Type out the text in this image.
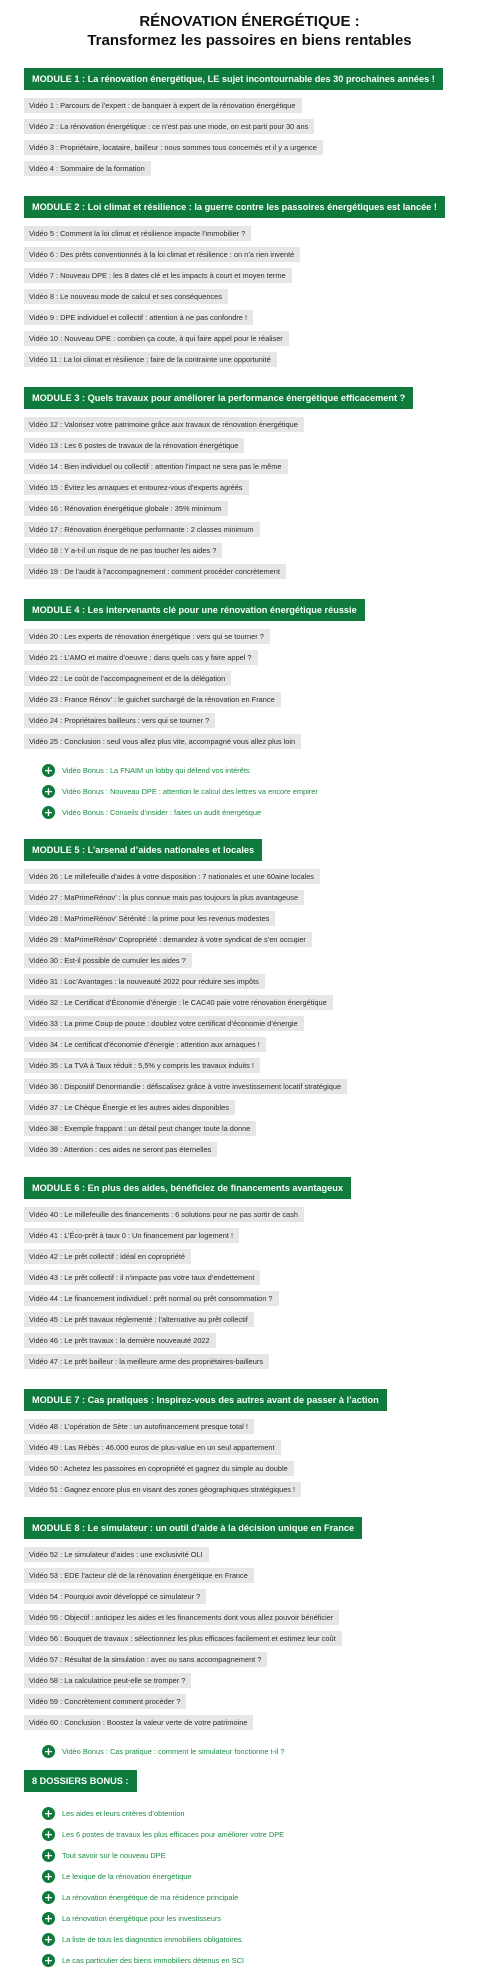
RÉNOVATION ÉNERGÉTIQUE :
Transformez les passoires en biens rentables
MODULE 1 : La rénovation énergétique, LE sujet incontournable des 30 prochaines années !
Vidéo 1 : Parcours de l’expert : de banquier à expert de la rénovation énergétique
Vidéo 2 : La rénovation énergétique : ce n’est pas une mode, on est parti pour 30 ans
Vidéo 3 : Propriétaire, locataire, bailleur : nous sommes tous concernés et il y a urgence
Vidéo 4 : Sommaire de la formation
MODULE 2 : Loi climat et résilience : la guerre contre les passoires énergétiques est lancée !
Vidéo 5 : Comment la loi climat et résilience impacte l’immobilier ?
Vidéo 6 : Des prêts conventionnés à la loi climat et résilience : on n’a rien inventé
Vidéo 7 : Nouveau DPE : les 8 dates clé et les impacts à court et moyen terme
Vidéo 8 : Le nouveau mode de calcul et ses conséquences
Vidéo 9 : DPE individuel et collectif : attention à ne pas confondre !
Vidéo 10 : Nouveau DPE : combien ça coute, à qui faire appel pour le réaliser
Vidéo 11 : La loi climat et résilience : faire de la contrainte une opportunité
MODULE 3 : Quels travaux pour améliorer la performance énergétique efficacement ?
Vidéo 12 : Valorisez votre patrimoine grâce aux travaux de rénovation énergétique
Vidéo 13 : Les 6 postes de travaux de la rénovation énergétique
Vidéo 14 : Bien individuel ou collectif : attention l’impact ne sera pas le même
Vidéo 15 : Évitez les arnaques et entourez-vous d’experts agréés
Vidéo 16 : Rénovation énergétique globale : 35% minimum
Vidéo 17 : Rénovation énergétique performante : 2 classes minimum
Vidéo 18 : Y a-t-il un risque de ne pas toucher les aides ?
Vidéo 19 : De l’audit à l’accompagnement : comment procéder concrètement
MODULE 4 : Les intervenants clé pour une rénovation énergétique réussie
Vidéo 20 : Les experts de rénovation énergétique : vers qui se tourner ?
Vidéo 21 : L’AMO et maitre d’oeuvre : dans quels cas y faire appel ?
Vidéo 22 : Le coût de l’accompagnement et de la délégation
Vidéo 23 : France Rénov’ : le guichet surchargé de la rénovation en France
Vidéo 24 : Propriétaires bailleurs : vers qui se tourner ?
Vidéo 25 : Conclusion : seul vous allez plus vite, accompagné vous allez plus loin
+ Vidéo Bonus : La FNAIM un lobby qui défend vos intérêts
+ Vidéo Bonus : Nouveau DPE : attention le calcul des lettres va encore empirer
+ Vidéo Bonus : Conseils d’insider : faites un audit énergétique
MODULE 5 : L’arsenal d’aides nationales et locales
Vidéo 26 : Le millefeuille d’aides à votre disposition : 7 nationales et une 60aine locales
Vidéo 27 : MaPrimeRénov’ : la plus connue mais pas toujours la plus avantageuse
Vidéo 28 : MaPrimeRénov’ Sérénité : la prime pour les revenus modestes
Vidéo 29 : MaPrimeRénov’ Copropriété : demandez à votre syndicat de s’en occuper
Vidéo 30 : Est-il possible de cumuler les aides ?
Vidéo 31 : Loc’Avantages : la nouveauté 2022 pour réduire ses impôts
Vidéo 32 : Le Certificat d’Économie d’énergie : le CAC40 paie votre rénovation énergétique
Vidéo 33 : La prime Coup de pouce : doublez votre certificat d’économie d’énergie
Vidéo 34 : Le certificat d’économie d’énergie : attention aux arnaques !
Vidéo 35 : La TVA à Taux réduit : 5,5% y compris les travaux induits !
Vidéo 36 : Dispositif Denormandie : défiscalisez grâce à votre investissement locatif stratégique
Vidéo 37 : Le Chèque Énergie et les autres aides disponibles
Vidéo 38 : Exemple frappant : un détail peut changer toute la donne
Vidéo 39 : Attention : ces aides ne seront pas éternelles
MODULE 6 : En plus des aides, bénéficiez de financements avantageux
Vidéo 40 : Le millefeuille des financements : 6 solutions pour ne pas sortir de cash
Vidéo 41 : L’Éco-prêt à taux 0 : Un financement par logement !
Vidéo 42 : Le prêt collectif : idéal en copropriété
Vidéo 43 : Le prêt collectif : il n’impacte pas votre taux d’endettement
Vidéo 44 : Le financement individuel : prêt normal ou prêt consommation ?
Vidéo 45 : Le prêt travaux réglementé : l’alternative au prêt collectif
Vidéo 46 : Le prêt travaux : la dernière nouveauté 2022
Vidéo 47 : Le prêt bailleur : la meilleure arme des propriétaires-bailleurs
MODULE 7 : Cas pratiques : Inspirez-vous des autres avant de passer à l’action
Vidéo 48 : L’opération de Sète : un autofinancement presque total !
Vidéo 49 : Las Rébès : 46.000 euros de plus-value en un seul appartement
Vidéo 50 : Achetez les passoires en copropriété et gagnez du simple au double
Vidéo 51 : Gagnez encore plus en visant des zones géographiques stratégiques !
MODULE 8 : Le simulateur : un outil d’aide à la décision unique en France
Vidéo 52 : Le simulateur d’aides : une exclusivité OLI
Vidéo 53 : EDE l’acteur clé de la rénovation énergétique en France
Vidéo 54 : Pourquoi avoir développé ce simulateur ?
Vidéo 55 : Objectif : anticipez les aides et les financements dont vous allez pouvoir bénéficier
Vidéo 56 : Bouquet de travaux : sélectionnez les plus efficaces facilement et estimez leur coût
Vidéo 57 : Résultat de la simulation : avec ou sans accompagnement ?
Vidéo 58 : La calculatrice peut-elle se tromper ?
Vidéo 59 : Concrètement comment procéder ?
Vidéo 60 : Conclusion : Boostez la valeur verte de votre patrimoine
+ Vidéo Bonus : Cas pratique : comment le simulateur fonctionne t-il ?
8 DOSSIERS BONUS :
+ Les aides et leurs critères d’obtention
+ Les 6 postes de travaux les plus efficaces pour améliorer votre DPE
+ Tout savoir sur le nouveau DPE
+ Le lexique de la rénovation énergétique
+ La rénovation énergétique de ma résidence principale
+ La rénovation énergétique pour les investisseurs
+ La liste de tous les diagnostics immobiliers obligatoires
+ Le cas particulier des biens immobiliers détenus en SCI
